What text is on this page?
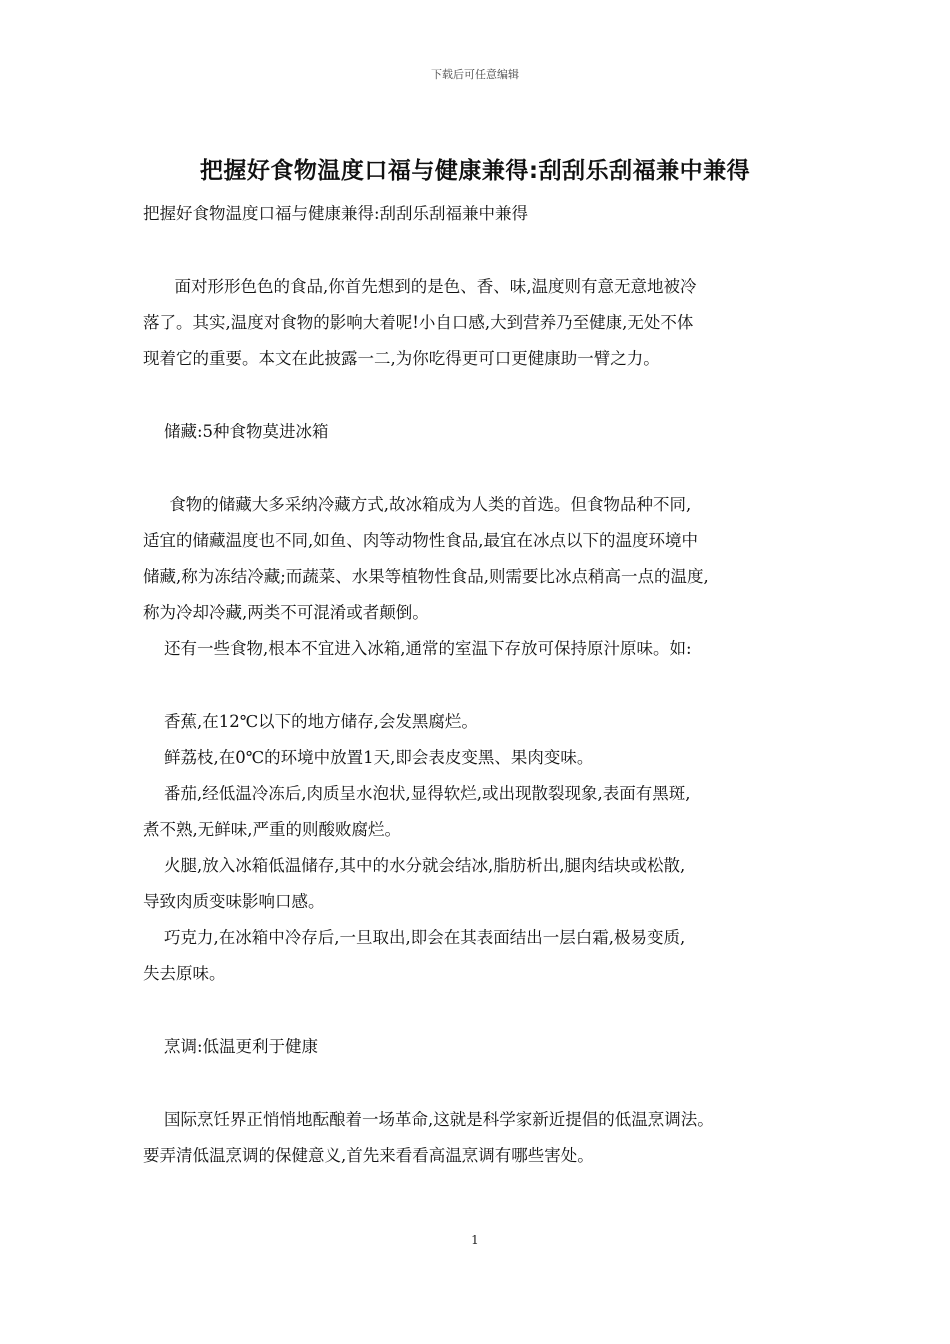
下载后可任意编辑
把握好食物温度口福与健康兼得:刮刮乐刮福兼中兼得

把握好食物温度口福与健康兼得:刮刮乐刮福兼中兼得

面对形形色色的食品,你首先想到的是色、香、味,温度则有意无意地被冷

落了。其实,温度对食物的影响大着呢!小自口感,大到营养乃至健康,无处不体

现着它的重要。本文在此披露一二,为你吃得更可口更健康助一臂之力。

储藏:5种食物莫进冰箱

食物的储藏大多采纳冷藏方式,故冰箱成为人类的首选。但食物品种不同,

适宜的储藏温度也不同,如鱼、肉等动物性食品,最宜在冰点以下的温度环境中

储藏,称为冻结冷藏;而蔬菜、水果等植物性食品,则需要比冰点稍高一点的温度,

称为冷却冷藏,两类不可混淆或者颠倒。

还有一些食物,根本不宜进入冰箱,通常的室温下存放可保持原汁原味。如:

香蕉,在12℃以下的地方储存,会发黑腐烂。

鲜荔枝,在0℃的环境中放置1天,即会表皮变黑、果肉变味。

番茄,经低温冷冻后,肉质呈水泡状,显得软烂,或出现散裂现象,表面有黑斑,

煮不熟,无鲜味,严重的则酸败腐烂。

火腿,放入冰箱低温储存,其中的水分就会结冰,脂肪析出,腿肉结块或松散,

导致肉质变味影响口感。

巧克力,在冰箱中冷存后,一旦取出,即会在其表面结出一层白霜,极易变质,

失去原味。

烹调:低温更利于健康

国际烹饪界正悄悄地酝酿着一场革命,这就是科学家新近提倡的低温烹调法。

要弄清低温烹调的保健意义,首先来看看高温烹调有哪些害处。

1
